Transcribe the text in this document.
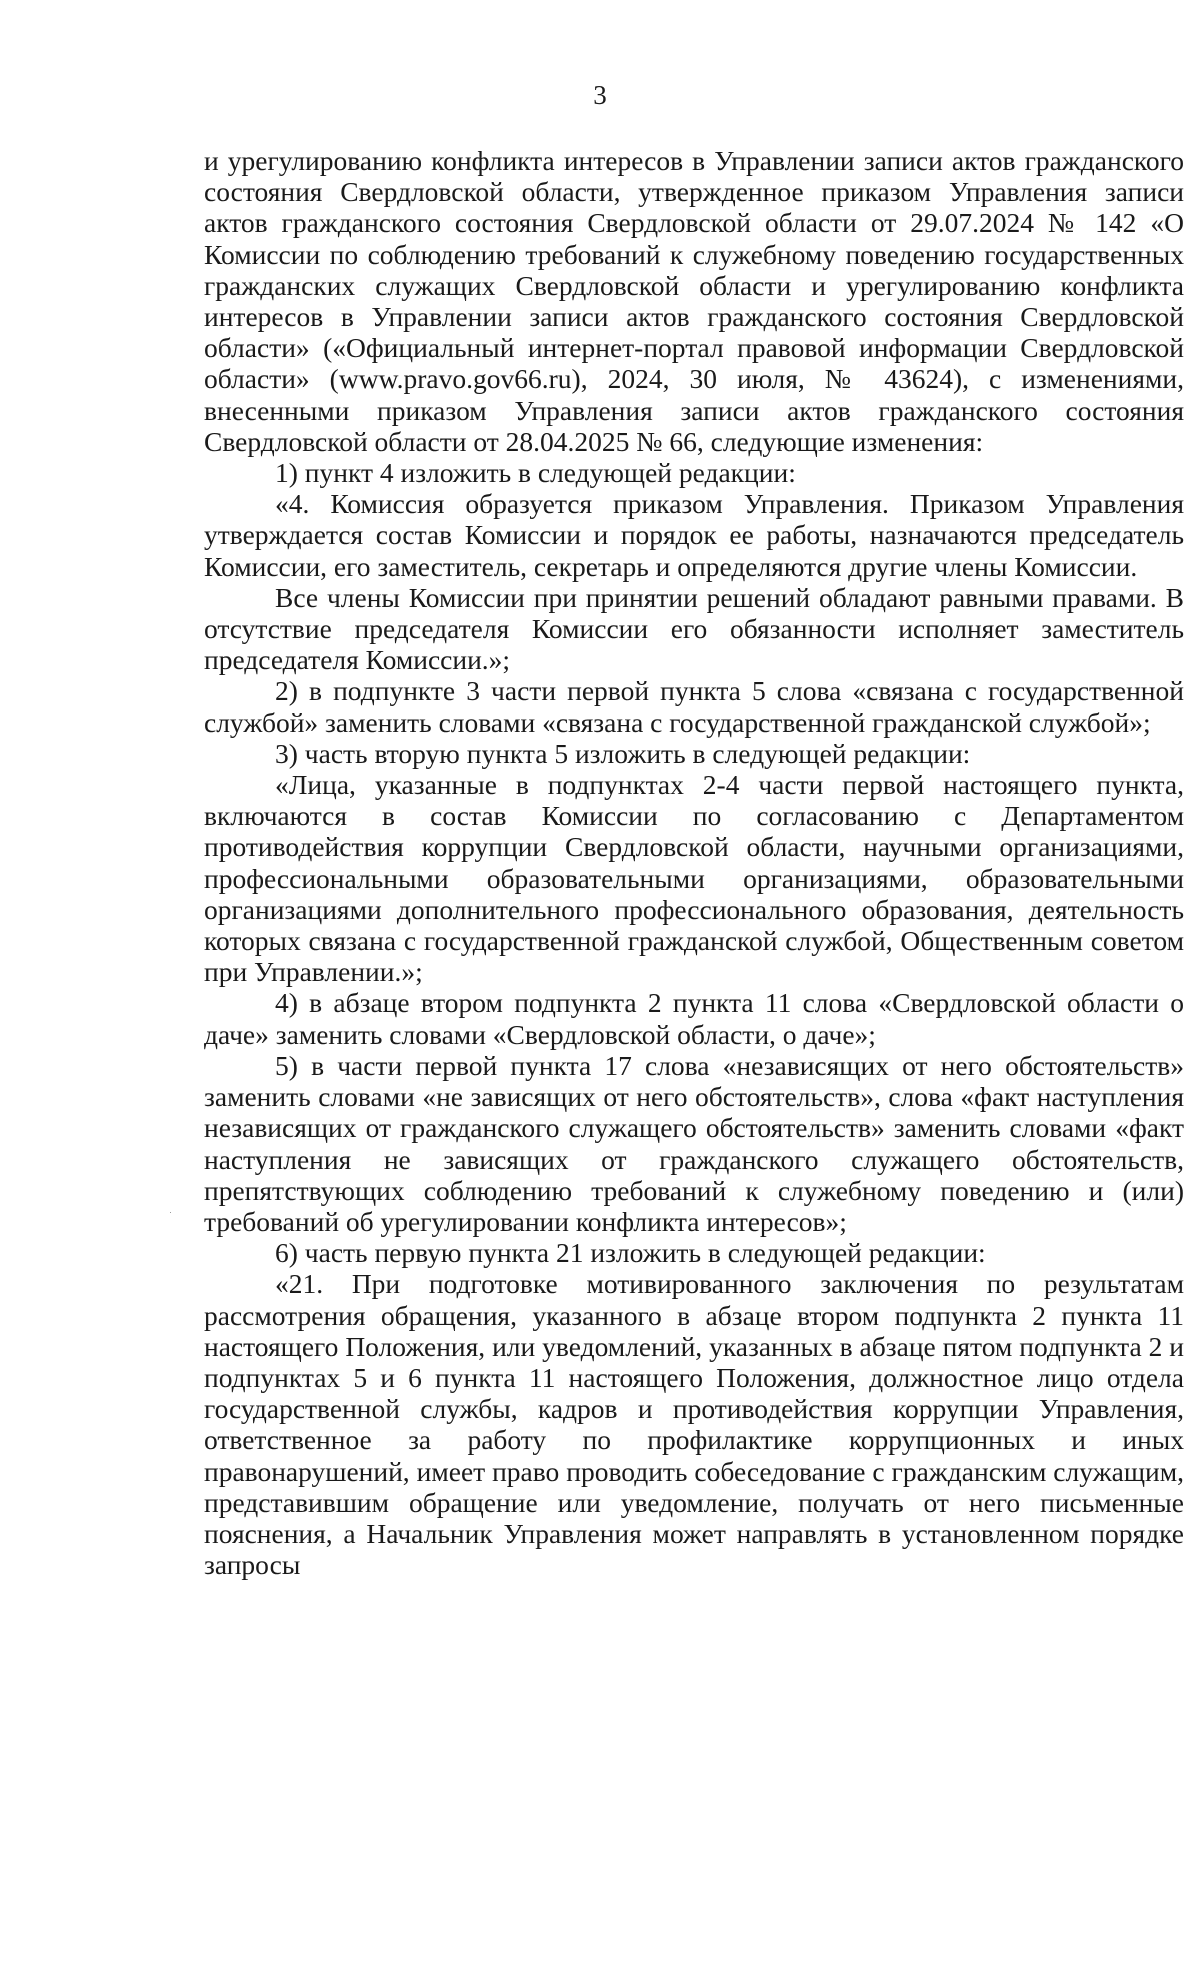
3

и урегулированию конфликта интересов в Управлении записи актов гражданского состояния Свердловской области, утвержденное приказом Управления записи актов гражданского состояния Свердловской области от 29.07.2024 № 142 «О Комиссии по соблюдению требований к служебному поведению государственных гражданских служащих Свердловской области и урегулированию конфликта интересов в Управлении записи актов гражданского состояния Свердловской области» («Официальный интернет-портал правовой информации Свердловской области» (www.pravo.gov66.ru), 2024, 30 июля, № 43624), с изменениями, внесенными приказом Управления записи актов гражданского состояния Свердловской области от 28.04.2025 № 66, следующие изменения:

1) пункт 4 изложить в следующей редакции:

«4. Комиссия образуется приказом Управления. Приказом Управления утверждается состав Комиссии и порядок ее работы, назначаются председатель Комиссии, его заместитель, секретарь и определяются другие члены Комиссии.

Все члены Комиссии при принятии решений обладают равными правами. В отсутствие председателя Комиссии его обязанности исполняет заместитель председателя Комиссии.»;

2) в подпункте 3 части первой пункта 5 слова «связана с государственной службой» заменить словами «связана с государственной гражданской службой»;

3) часть вторую пункта 5 изложить в следующей редакции:

«Лица, указанные в подпунктах 2-4 части первой настоящего пункта, включаются в состав Комиссии по согласованию с Департаментом противодействия коррупции Свердловской области, научными организациями, профессиональными образовательными организациями, образовательными организациями дополнительного профессионального образования, деятельность которых связана с государственной гражданской службой, Общественным советом при Управлении.»;

4) в абзаце втором подпункта 2 пункта 11 слова «Свердловской области о даче» заменить словами «Свердловской области, о даче»;

5) в части первой пункта 17 слова «независящих от него обстоятельств» заменить словами «не зависящих от него обстоятельств», слова «факт наступления независящих от гражданского служащего обстоятельств» заменить словами «факт наступления не зависящих от гражданского служащего обстоятельств, препятствующих соблюдению требований к служебному поведению и (или) требований об урегулировании конфликта интересов»;

6) часть первую пункта 21 изложить в следующей редакции:

«21. При подготовке мотивированного заключения по результатам рассмотрения обращения, указанного в абзаце втором подпункта 2 пункта 11 настоящего Положения, или уведомлений, указанных в абзаце пятом подпункта 2 и подпунктах 5 и 6 пункта 11 настоящего Положения, должностное лицо отдела государственной службы, кадров и противодействия коррупции Управления, ответственное за работу по профилактике коррупционных и иных правонарушений, имеет право проводить собеседование с гражданским служащим, представившим обращение или уведомление, получать от него письменные пояснения, а Начальник Управления может направлять в установленном порядке запросы
